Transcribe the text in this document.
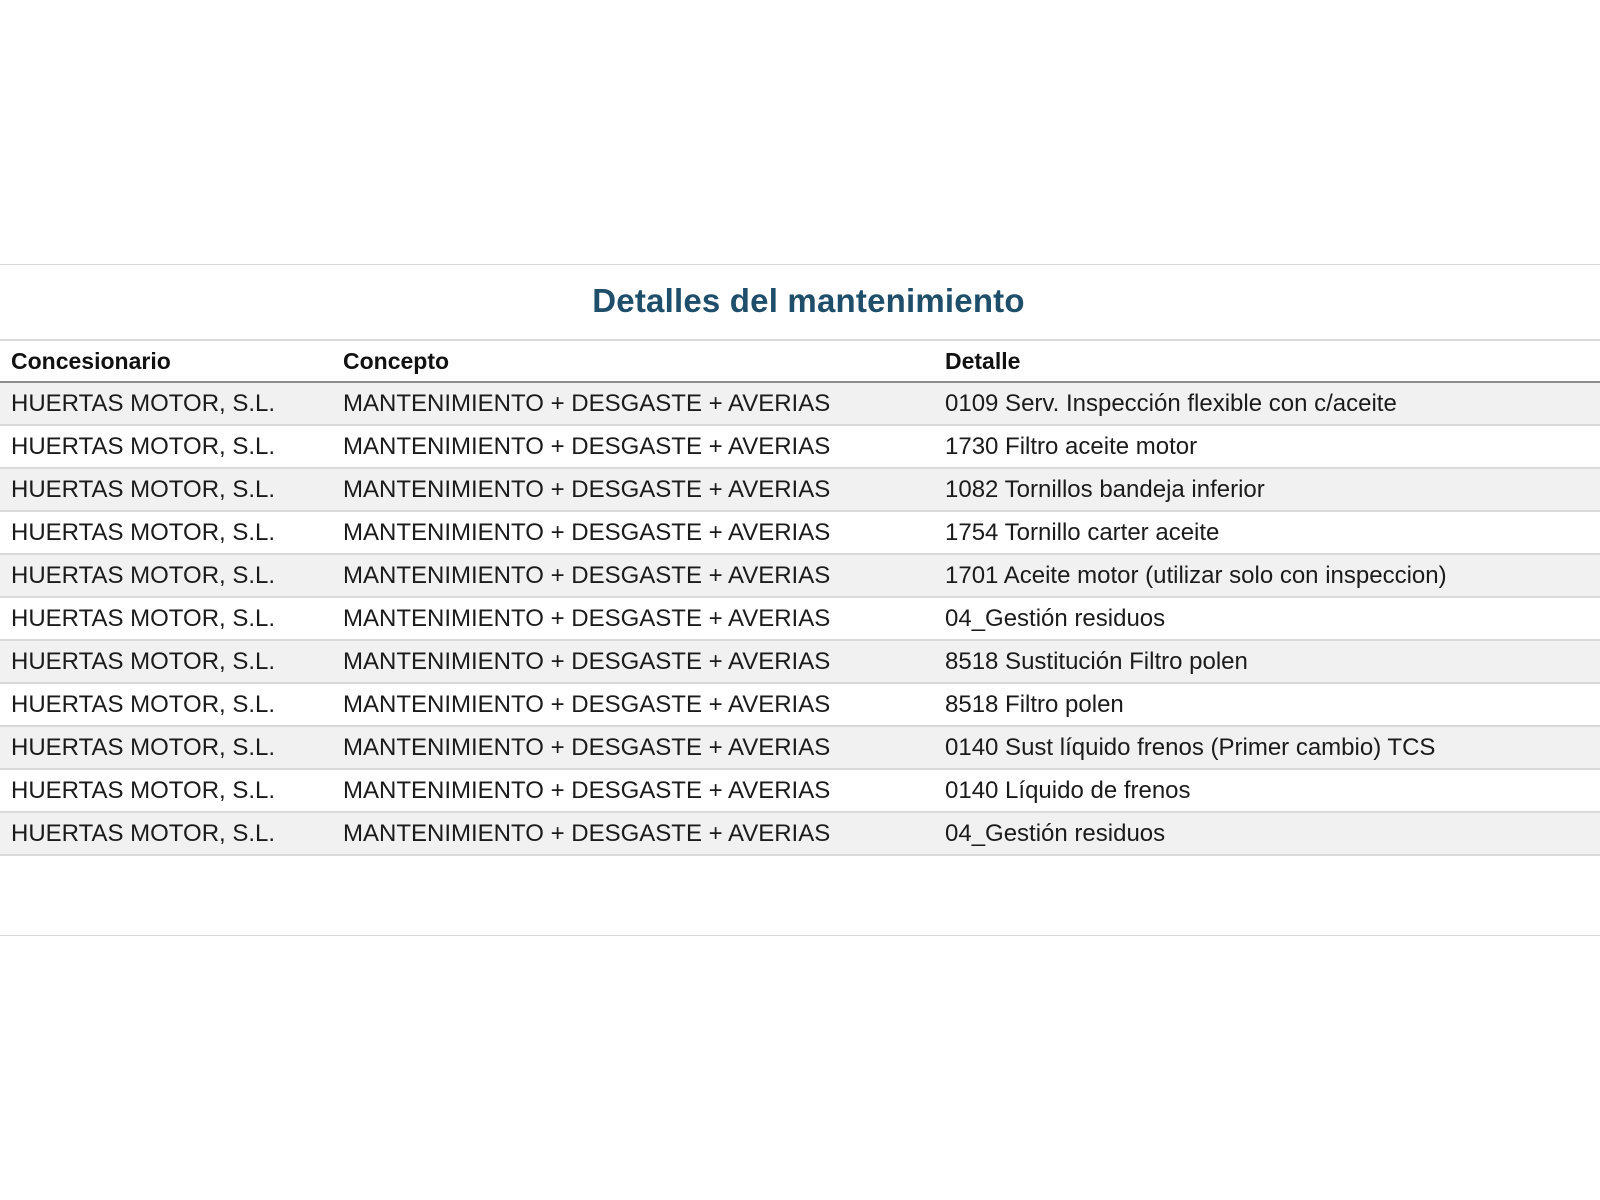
Detalles del mantenimiento
Concesionario	Concepto	Detalle
HUERTAS MOTOR, S.L.	MANTENIMIENTO + DESGASTE + AVERIAS	0109 Serv. Inspección flexible con c/aceite
HUERTAS MOTOR, S.L.	MANTENIMIENTO + DESGASTE + AVERIAS	1730 Filtro aceite motor
HUERTAS MOTOR, S.L.	MANTENIMIENTO + DESGASTE + AVERIAS	1082 Tornillos bandeja inferior
HUERTAS MOTOR, S.L.	MANTENIMIENTO + DESGASTE + AVERIAS	1754 Tornillo carter aceite
HUERTAS MOTOR, S.L.	MANTENIMIENTO + DESGASTE + AVERIAS	1701 Aceite motor (utilizar solo con inspeccion)
HUERTAS MOTOR, S.L.	MANTENIMIENTO + DESGASTE + AVERIAS	04_Gestión residuos
HUERTAS MOTOR, S.L.	MANTENIMIENTO + DESGASTE + AVERIAS	8518 Sustitución Filtro polen
HUERTAS MOTOR, S.L.	MANTENIMIENTO + DESGASTE + AVERIAS	8518 Filtro polen
HUERTAS MOTOR, S.L.	MANTENIMIENTO + DESGASTE + AVERIAS	0140 Sust líquido frenos (Primer cambio) TCS
HUERTAS MOTOR, S.L.	MANTENIMIENTO + DESGASTE + AVERIAS	0140 Líquido de frenos
HUERTAS MOTOR, S.L.	MANTENIMIENTO + DESGASTE + AVERIAS	04_Gestión residuos
